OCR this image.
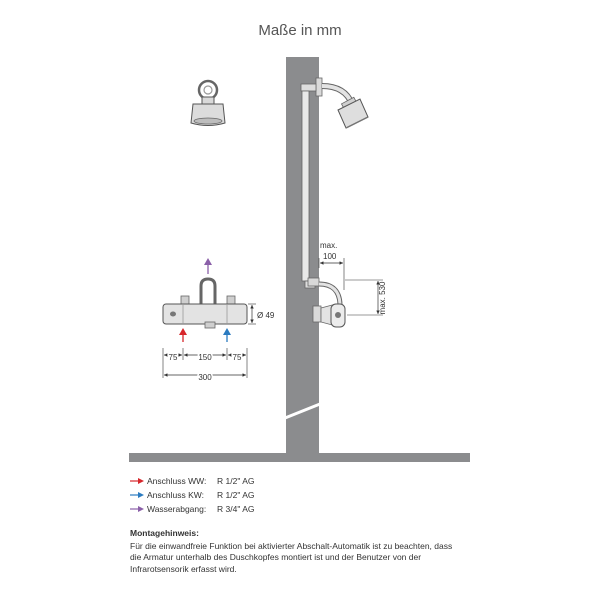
Maße in mm
Ø 49
75	150	75
300
max.
100
max. 530
Anschluss WW:	R 1/2" AG
Anschluss KW:	R 1/2" AG
Wasserabgang:	R 3/4" AG
Montagehinweis:
Für die einwandfreie Funktion bei aktivierter Abschalt-Automatik ist zu beachten, dass die Armatur unterhalb des Duschkopfes montiert ist und der Benutzer von der Infrarotsensorik erfasst wird.
